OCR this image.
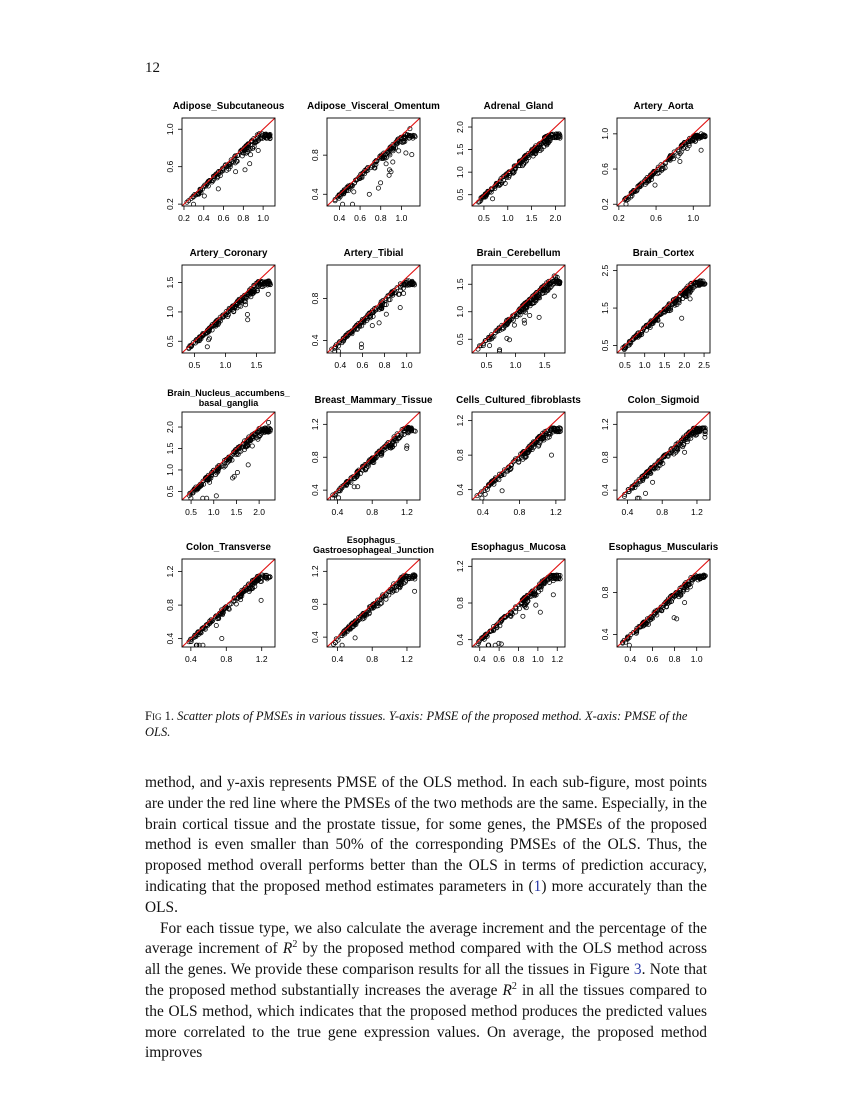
12
Adipose_Subcutaneous
0.2 0.4 0.6 0.8 1.0
0.2
0.6
1.0
Adipose_Visceral_Omentum
0.4 0.6 0.8 1.0
0.4
0.8
Adrenal_Gland
0.5 1.0 1.5 2.0
0.5
1.0
1.5
2.0
Artery_Aorta
0.2	0.6	1.0
0.2
0.6
1.0
Artery_Coronary
0.5 1.0 1.5
0.5
1.0
1.5
Artery_Tibial
0.4 0.6 0.8 1.0
0.4
0.8
Brain_Cerebellum
0.5 1.0 1.5
0.5
1.0
1.5
Brain_Cortex
0.5 1.0 1.5 2.0 2.5
0.5
1.5
2.5
Brain_Nucleus_accumbens_
basal_ganglia
0.5 1.0 1.5 2.0
0.5
1.0
1.5
2.0
Breast_Mammary_Tissue
0.4	0.8	1.2
0.4
0.8
1.2
Cells_Cultured_fibroblasts
0.4	0.8	1.2
0.4
0.8
1.2
Colon_Sigmoid
0.4	0.8	1.2
0.4
0.8
1.2
Colon_Transverse
0.4	0.8	1.2
0.4
0.8
1.2
Esophagus_
Gastroesophageal_Junction
0.4	0.8	1.2
0.4
0.8
1.2
Esophagus_Mucosa
0.4 0.6 0.8 1.0 1.2
0.4
0.8
1.2
Esophagus_Muscularis
0.4 0.6 0.8 1.0
0.4
0.8
Fig 1. Scatter plots of PMSEs in various tissues. Y-axis: PMSE of the proposed method. X-axis: PMSE of the OLS.

method, and y-axis represents PMSE of the OLS method. In each sub-figure, most points are under the red line where the PMSEs of the two methods are the same. Especially, in the brain cortical tissue and the prostate tissue, for some genes, the PMSEs of the proposed method is even smaller than 50% of the corresponding PMSEs of the OLS. Thus, the proposed method overall performs better than the OLS in terms of prediction accuracy, indicating that the proposed method estimates parameters in (1) more accurately than the OLS.

For each tissue type, we also calculate the average increment and the percentage of the average increment of $R^2$ by the proposed method compared with the OLS method across all the genes. We provide these comparison results for all the tissues in Figure 3. Note that the proposed method substantially increases the average $R^2$ in all the tissues compared to the OLS method, which indicates that the proposed method produces the predicted values more correlated to the true gene expression values. On average, the proposed method improves
